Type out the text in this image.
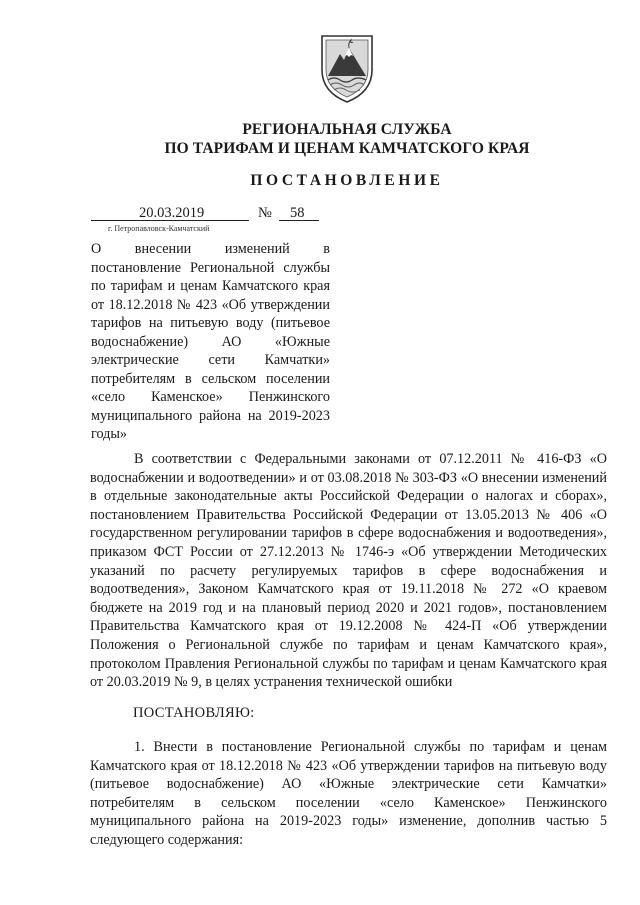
РЕГИОНАЛЬНАЯ СЛУЖБА
ПО ТАРИФАМ И ЦЕНАМ КАМЧАТСКОГО КРАЯ
ПОСТАНОВЛЕНИЕ
20.03.2019	№ 58
г. Петропавловск-Камчатский
О внесении изменений в постановление Региональной службы по тарифам и ценам Камчатского края от 18.12.2018 № 423 «Об утверждении тарифов на питьевую воду (питьевое водоснабжение) АО «Южные электрические сети Камчатки» потребителям в сельском поселении «село Каменское» Пенжинского муниципального района на 2019-2023 годы»
В соответствии с Федеральными законами от 07.12.2011 № 416-ФЗ «О водоснабжении и водоотведении» и от 03.08.2018 № 303-ФЗ «О внесении изменений в отдельные законодательные акты Российской Федерации о налогах и сборах», постановлением Правительства Российской Федерации от 13.05.2013 № 406 «О государственном регулировании тарифов в сфере водоснабжения и водоотведения», приказом ФСТ России от 27.12.2013 № 1746-э «Об утверждении Методических указаний по расчету регулируемых тарифов в сфере водоснабжения и водоотведения», Законом Камчатского края от 19.11.2018 № 272 «О краевом бюджете на 2019 год и на плановый период 2020 и 2021 годов», постановлением Правительства Камчатского края от 19.12.2008 № 424-П «Об утверждении Положения о Региональной службе по тарифам и ценам Камчатского края», протоколом Правления Региональной службы по тарифам и ценам Камчатского края от 20.03.2019 № 9, в целях устранения технической ошибки
ПОСТАНОВЛЯЮ:
1. Внести в постановление Региональной службы по тарифам и ценам Камчатского края от 18.12.2018 № 423 «Об утверждении тарифов на питьевую воду (питьевое водоснабжение) АО «Южные электрические сети Камчатки» потребителям в сельском поселении «село Каменское» Пенжинского муниципального района на 2019-2023 годы» изменение, дополнив частью 5 следующего содержания:
